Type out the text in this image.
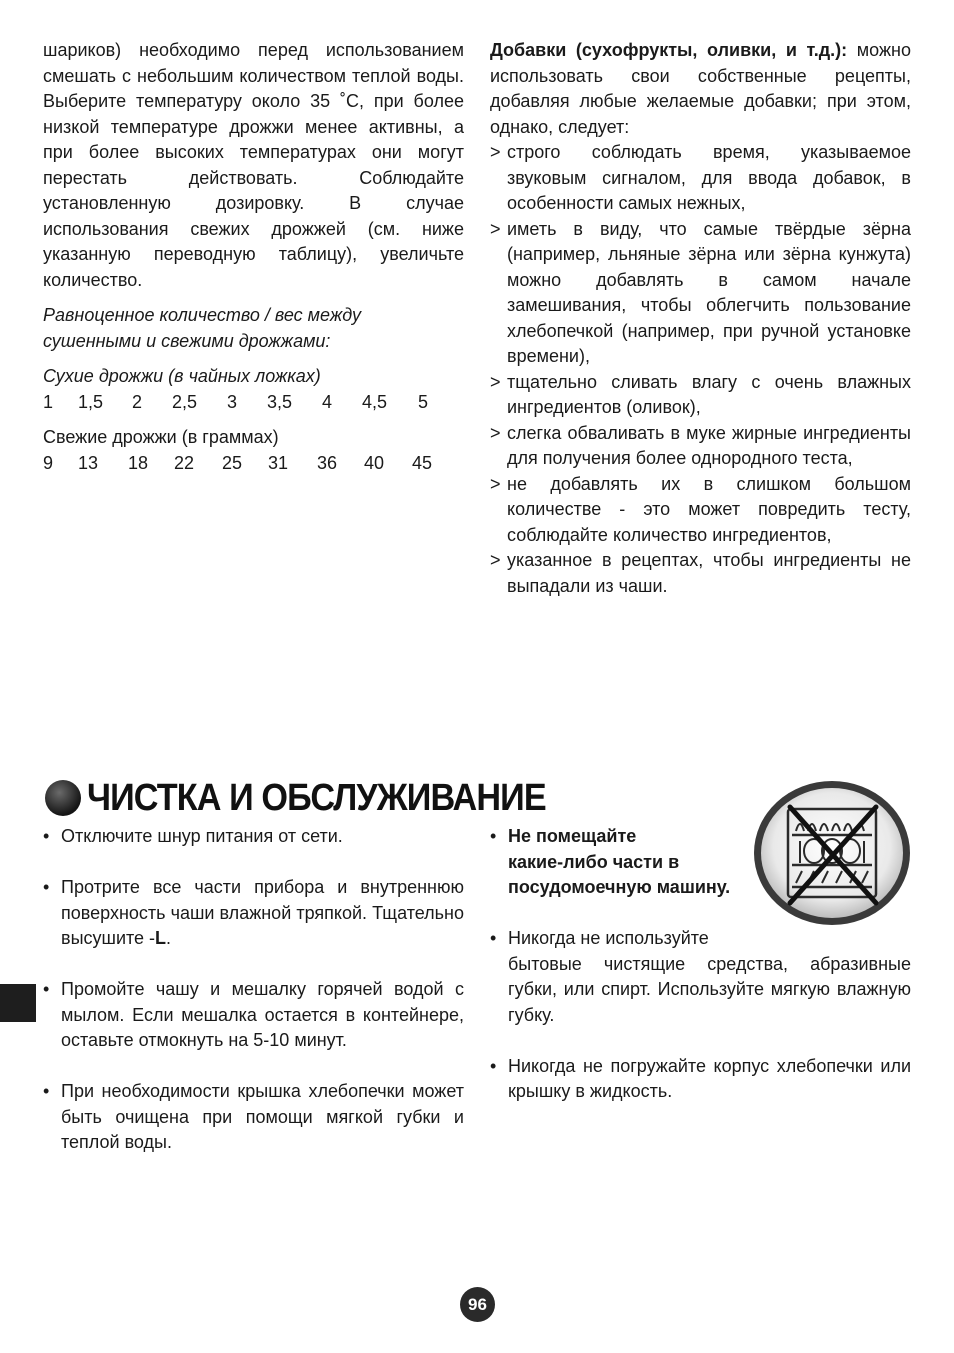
шариков) необходимо перед использованием смешать с небольшим количеством теплой воды. Выберите температуру около 35 ˚C, при более низкой температуре дрожжи менее активны, а при более высоких температурах они могут перестать действовать. Соблюдайте установленную дозировку. В случае использования свежих дрожжей (см. ниже указанную переводную таблицу), увеличьте количество.

Равноценное количество / вес между сушенными и свежими дрожжами:

Сухие дрожжи (в чайных ложках)

1	1,5	2	2,5	3	3,5	4	4,5	5

Свежие дрожжи (в граммах)

9	13	18	22	25	31	36	40	45

Добавки (сухофрукты, оливки, и т.д.): можно использовать свои собственные рецепты, добавляя любые желаемые добавки; при этом, однако, следует:

> строго соблюдать время, указываемое звуковым сигналом, для ввода добавок, в особенности самых нежных,
> иметь в виду, что самые твёрдые зёрна (например, льняные зёрна или зёрна кунжута) можно добавлять в самом начале замешивания, чтобы облегчить пользование хлебопечкой (например, при ручной установке времени),
> тщательно сливать влагу с очень влажных ингредиентов (оливок),
> слегка обваливать в муке жирные ингредиенты для получения более однородного теста,
> не добавлять их в слишком большом количестве - это может повредить тесту, соблюдайте количество ингредиентов,
> указанное в рецептах, чтобы ингредиенты не выпадали из чаши.
ЧИСТКА И ОБСЛУЖИВАНИЕ
• Отключите шнур питания от сети.
• Протрите все части прибора и внутреннюю поверхность чаши влажной тряпкой. Тщательно высушите -L.
• Промойте чашу и мешалку горячей водой с мылом. Если мешалка остается в контейнере, оставьте отмокнуть на 5-10 минут.
• При необходимости крышка хлебопечки может быть очищена при помощи мягкой губки и теплой воды.
• Не помещайте
какие-либо части в
посудомоечную машину.
• Никогда не используйте
бытовые чистящие средства, абразивные губки, или спирт. Используйте мягкую влажную губку.
• Никогда не погружайте корпус хлебопечки или крышку в жидкость.
96
